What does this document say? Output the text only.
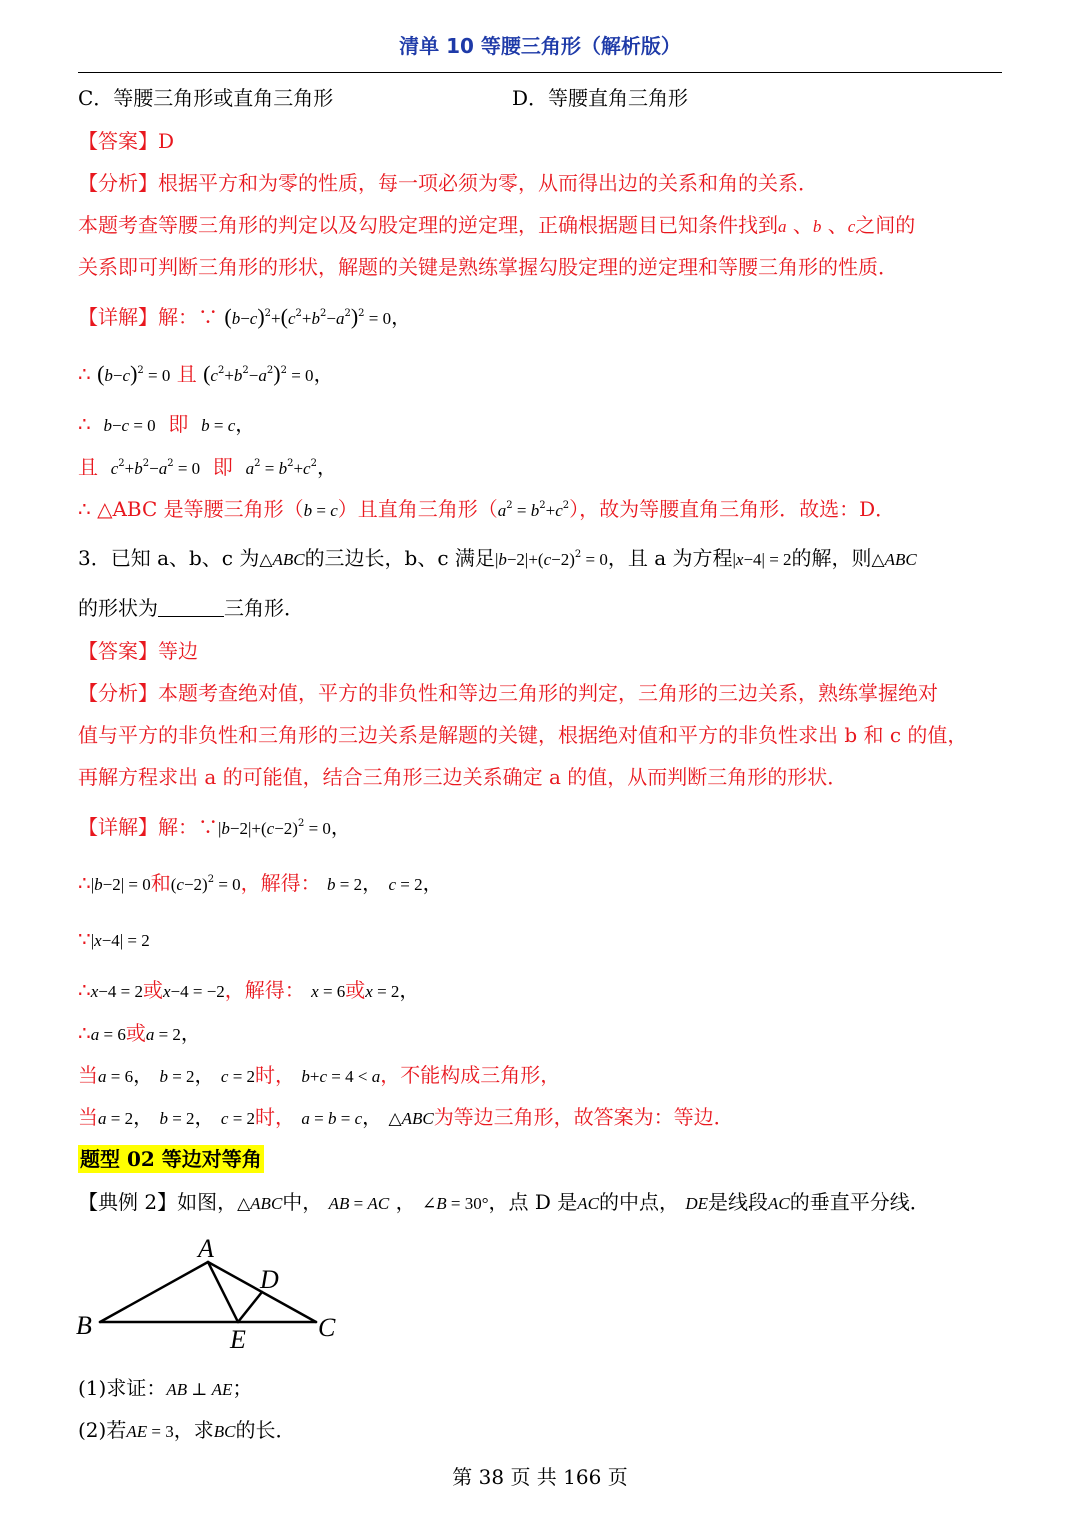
清单 10 等腰三角形（解析版）
C．等腰三角形或直角三角形	D．等腰直角三角形
【答案】D
【分析】根据平方和为零的性质，每一项必须为零，从而得出边的关系和角的关系．
本题考查等腰三角形的判定以及勾股定理的逆定理，正确根据题目已知条件找到a 、b 、c之间的
关系即可判断三角形的形状，解题的关键是熟练掌握勾股定理的逆定理和等腰三角形的性质．
【详解】解：∵ $(b-c)^2+(c^2+b^2-a^2)^2 = 0$，
∴ $(b-c)^2 = 0$ 且 $(c^2+b^2-a^2)^2 = 0$，
∴ b−c = 0 即 b = c，
且 $c^2+b^2-a^2 = 0$ 即 $a^2 = b^2+c^2$，
∴ △ABC 是等腰三角形（b = c）且直角三角形$(a^2 = b^2+c^2)$，故为等腰直角三角形．故选：D．
3．已知 a、b、c 为△ABC的三边长，b、c 满足$|b-2|+(c-2)^2 = 0$，且 a 为方程|x−4| = 2的解，则△ABC
的形状为	三角形．
【答案】等边
【分析】本题考查绝对值，平方的非负性和等边三角形的判定，三角形的三边关系，熟练掌握绝对
值与平方的非负性和三角形的三边关系是解题的关键，根据绝对值和平方的非负性求出 b 和 c 的值，
再解方程求出 a 的可能值，结合三角形三边关系确定 a 的值，从而判断三角形的形状．
【详解】解：$\because|b-2|+(c-2)^2 = 0$，
∴|b−2| = 0和$(c-2)^2 = 0$，解得： b = 2， c = 2，
∵|x−4| = 2
∴x−4 = 2或x−4 = −2，解得： x = 6或x = 2，
∴a = 6或a = 2，
当a = 6， b = 2， c = 2时， b+c = 4 < a，不能构成三角形，
当a = 2， b = 2， c = 2时， a = b = c， △ABC为等边三角形，故答案为：等边．
题型 02 等边对等角
【典例 2】如图，△ABC中， AB = AC ， ∠B = 30°，点 D 是AC的中点， DE是线段AC的垂直平分线．
A
B	C
D
E
(1)求证：AB ⊥ AE；
(2)若AE = 3，求BC的长．
第 38 页 共 166 页
